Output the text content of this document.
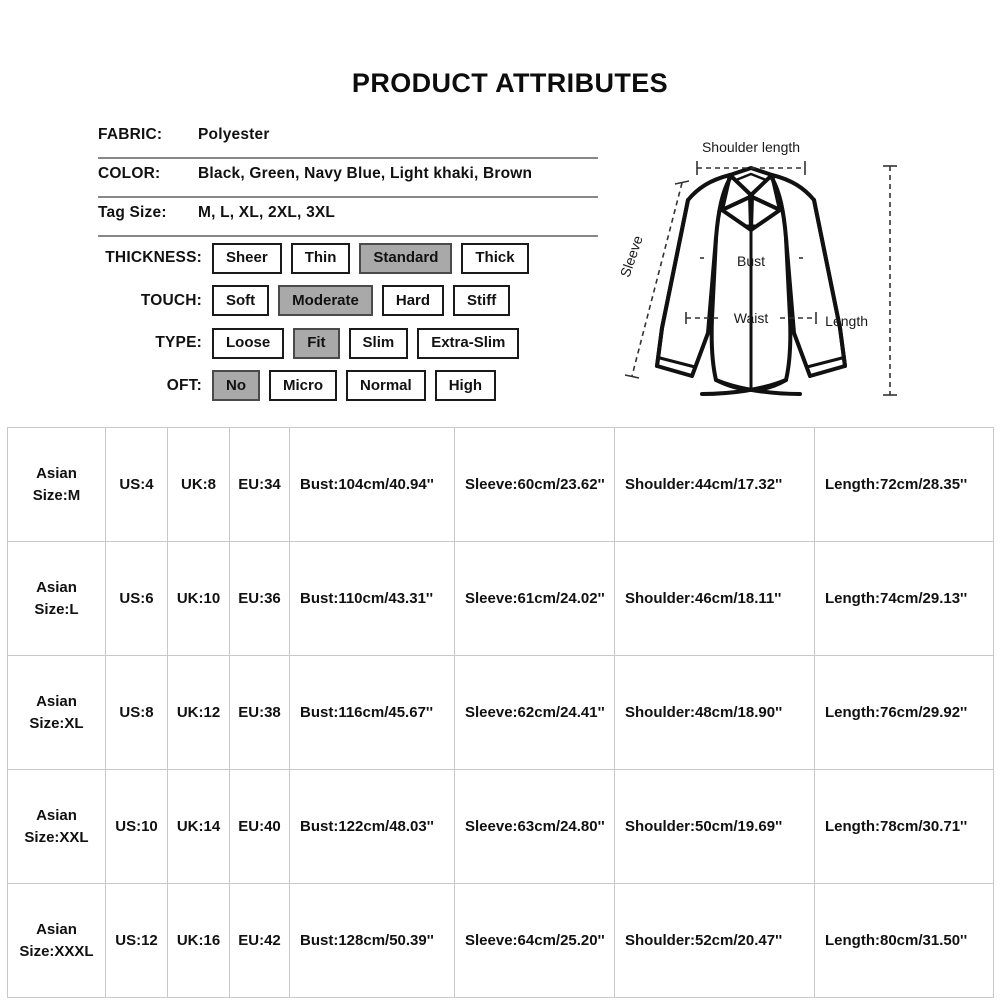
PRODUCT ATTRIBUTES
FABRIC: Polyester
COLOR: Black, Green, Navy Blue, Light khaki, Brown
Tag Size: M, L, XL, 2XL, 3XL
THICKNESS:	Sheer	Thin	Standard	Thick
TOUCH:	Soft	Moderate	Hard	Stiff
TYPE:	Loose	Fit	Slim	Extra-Slim
OFT:	No	Micro	Normal	High
Shoulder length
Sleeve	Bust
Waist	Length
Asian
Size:M	US:4	UK:8	EU:34	Bust:104cm/40.94''	Sleeve:60cm/23.62''	Shoulder:44cm/17.32''	Length:72cm/28.35''
Asian
Size:L	US:6	UK:10	EU:36	Bust:110cm/43.31''	Sleeve:61cm/24.02''	Shoulder:46cm/18.11''	Length:74cm/29.13''
Asian
Size:XL	US:8	UK:12	EU:38	Bust:116cm/45.67''	Sleeve:62cm/24.41''	Shoulder:48cm/18.90''	Length:76cm/29.92''
Asian
Size:XXL	US:10	UK:14	EU:40	Bust:122cm/48.03''	Sleeve:63cm/24.80''	Shoulder:50cm/19.69''	Length:78cm/30.71''
Asian
Size:XXXL	US:12	UK:16	EU:42	Bust:128cm/50.39''	Sleeve:64cm/25.20''	Shoulder:52cm/20.47''	Length:80cm/31.50''
